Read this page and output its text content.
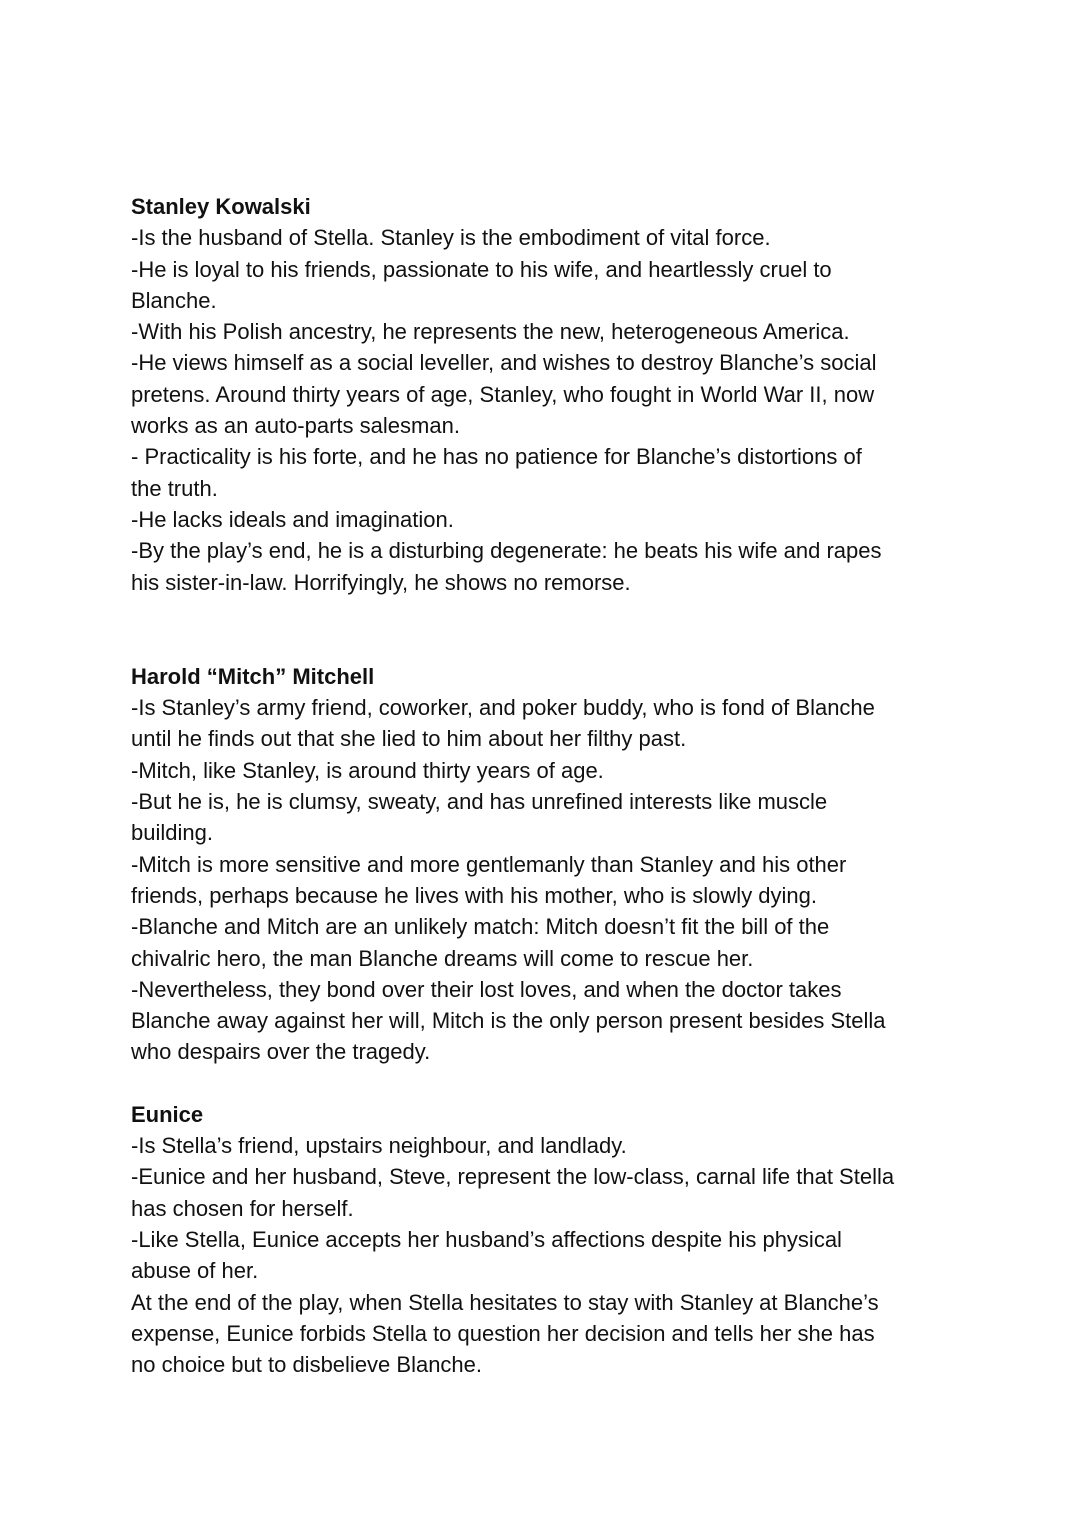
Stanley Kowalski

-Is the husband of Stella. Stanley is the embodiment of vital force.

-He is loyal to his friends, passionate to his wife, and heartlessly cruel to

Blanche.

-With his Polish ancestry, he represents the new, heterogeneous America.

-He views himself as a social leveller, and wishes to destroy Blanche’s social

pretens. Around thirty years of age, Stanley, who fought in World War II, now

works as an auto-parts salesman.

- Practicality is his forte, and he has no patience for Blanche’s distortions of

the truth.

-He lacks ideals and imagination.

-By the play’s end, he is a disturbing degenerate: he beats his wife and rapes

his sister-in-law. Horrifyingly, he shows no remorse.

Harold “Mitch” Mitchell

-Is Stanley’s army friend, coworker, and poker buddy, who is fond of Blanche

until he finds out that she lied to him about her filthy past.

-Mitch, like Stanley, is around thirty years of age.

-But he is, he is clumsy, sweaty, and has unrefined interests like muscle

building.

-Mitch is more sensitive and more gentlemanly than Stanley and his other

friends, perhaps because he lives with his mother, who is slowly dying.

-Blanche and Mitch are an unlikely match: Mitch doesn’t fit the bill of the

chivalric hero, the man Blanche dreams will come to rescue her.

-Nevertheless, they bond over their lost loves, and when the doctor takes

Blanche away against her will, Mitch is the only person present besides Stella

who despairs over the tragedy.

Eunice

-Is Stella’s friend, upstairs neighbour, and landlady.

-Eunice and her husband, Steve, represent the low-class, carnal life that Stella

has chosen for herself.

-Like Stella, Eunice accepts her husband’s affections despite his physical

abuse of her.

At the end of the play, when Stella hesitates to stay with Stanley at Blanche’s

expense, Eunice forbids Stella to question her decision and tells her she has

no choice but to disbelieve Blanche.
